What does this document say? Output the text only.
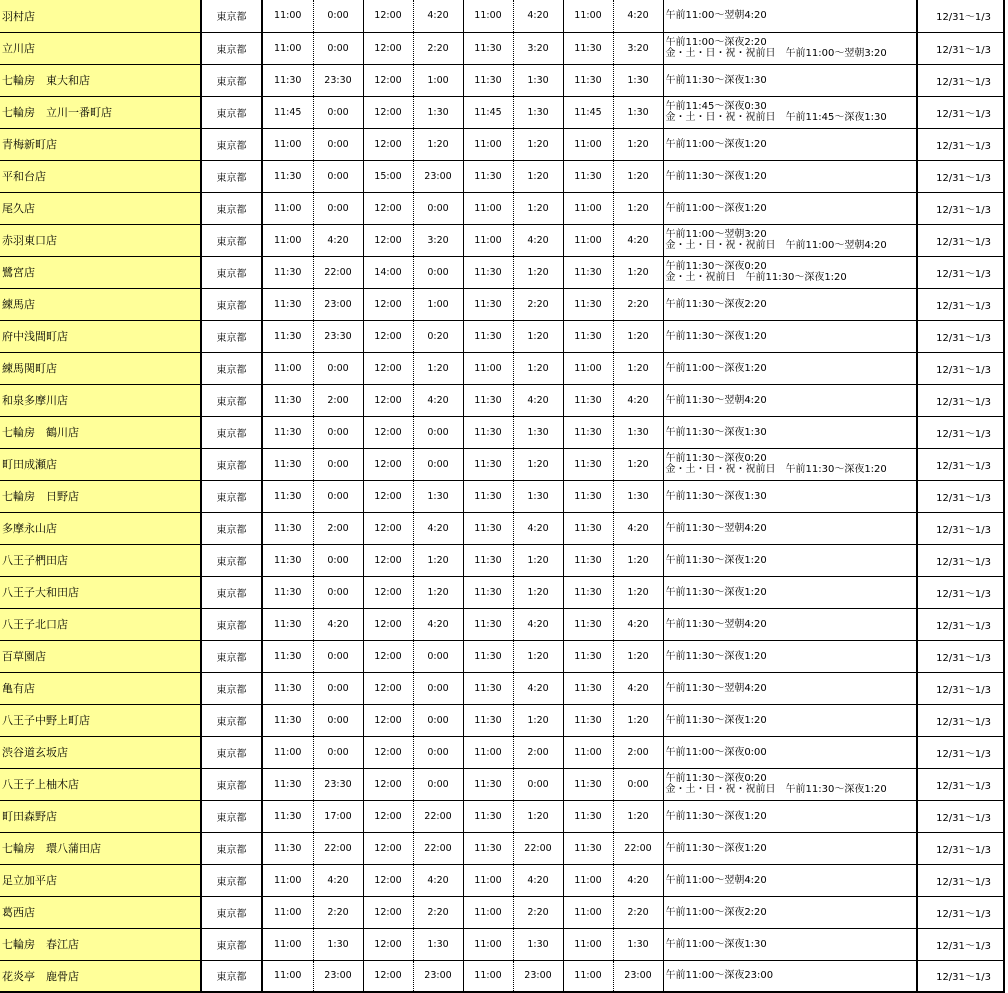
羽村店	東京都	11:00	0:00	12:00	4:20	11:00	4:20	11:00	4:20	午前11:00～翌朝4:20	12/31～1/3
立川店	東京都	11:00	0:00	12:00	2:20	11:30	3:20	11:30	3:20	午前11:00～深夜2:20
金・土・日・祝・祝前日　午前11:00～翌朝3:20	12/31～1/3
七輪房　東大和店	東京都	11:30	23:30	12:00	1:00	11:30	1:30	11:30	1:30	午前11:30～深夜1:30	12/31～1/3
七輪房　立川一番町店	東京都	11:45	0:00	12:00	1:30	11:45	1:30	11:45	1:30	午前11:45～深夜0:30
金・土・日・祝・祝前日　午前11:45～深夜1:30	12/31～1/3
青梅新町店	東京都	11:00	0:00	12:00	1:20	11:00	1:20	11:00	1:20	午前11:00～深夜1:20	12/31～1/3
平和台店	東京都	11:30	0:00	15:00	23:00	11:30	1:20	11:30	1:20	午前11:30～深夜1:20	12/31～1/3
尾久店	東京都	11:00	0:00	12:00	0:00	11:00	1:20	11:00	1:20	午前11:00～深夜1:20	12/31～1/3
赤羽東口店	東京都	11:00	4:20	12:00	3:20	11:00	4:20	11:00	4:20	午前11:00～翌朝3:20
金・土・日・祝・祝前日　午前11:00～翌朝4:20	12/31～1/3
鷺宮店	東京都	11:30	22:00	14:00	0:00	11:30	1:20	11:30	1:20	午前11:30～深夜0:20
金・土・祝前日　午前11:30～深夜1:20	12/31～1/3
練馬店	東京都	11:30	23:00	12:00	1:00	11:30	2:20	11:30	2:20	午前11:30～深夜2:20	12/31～1/3
府中浅間町店	東京都	11:30	23:30	12:00	0:20	11:30	1:20	11:30	1:20	午前11:30～深夜1:20	12/31～1/3
練馬関町店	東京都	11:00	0:00	12:00	1:20	11:00	1:20	11:00	1:20	午前11:00～深夜1:20	12/31～1/3
和泉多摩川店	東京都	11:30	2:00	12:00	4:20	11:30	4:20	11:30	4:20	午前11:30～翌朝4:20	12/31～1/3
七輪房　鶴川店	東京都	11:30	0:00	12:00	0:00	11:30	1:30	11:30	1:30	午前11:30～深夜1:30	12/31～1/3
町田成瀬店	東京都	11:30	0:00	12:00	0:00	11:30	1:20	11:30	1:20	午前11:30～深夜0:20
金・土・日・祝・祝前日　午前11:30～深夜1:20	12/31～1/3
七輪房　日野店	東京都	11:30	0:00	12:00	1:30	11:30	1:30	11:30	1:30	午前11:30～深夜1:30	12/31～1/3
多摩永山店	東京都	11:30	2:00	12:00	4:20	11:30	4:20	11:30	4:20	午前11:30～翌朝4:20	12/31～1/3
八王子椚田店	東京都	11:30	0:00	12:00	1:20	11:30	1:20	11:30	1:20	午前11:30～深夜1:20	12/31～1/3
八王子大和田店	東京都	11:30	0:00	12:00	1:20	11:30	1:20	11:30	1:20	午前11:30～深夜1:20	12/31～1/3
八王子北口店	東京都	11:30	4:20	12:00	4:20	11:30	4:20	11:30	4:20	午前11:30～翌朝4:20	12/31～1/3
百草園店	東京都	11:30	0:00	12:00	0:00	11:30	1:20	11:30	1:20	午前11:30～深夜1:20	12/31～1/3
亀有店	東京都	11:30	0:00	12:00	0:00	11:30	4:20	11:30	4:20	午前11:30～翌朝4:20	12/31～1/3
八王子中野上町店	東京都	11:30	0:00	12:00	0:00	11:30	1:20	11:30	1:20	午前11:30～深夜1:20	12/31～1/3
渋谷道玄坂店	東京都	11:00	0:00	12:00	0:00	11:00	2:00	11:00	2:00	午前11:00～深夜0:00	12/31～1/3
八王子上柚木店	東京都	11:30	23:30	12:00	0:00	11:30	0:00	11:30	0:00	午前11:30～深夜0:20
金・土・日・祝・祝前日　午前11:30～深夜1:20	12/31～1/3
町田森野店	東京都	11:30	17:00	12:00	22:00	11:30	1:20	11:30	1:20	午前11:30～深夜1:20	12/31～1/3
七輪房　環八蒲田店	東京都	11:30	22:00	12:00	22:00	11:30	22:00	11:30	22:00	午前11:30～深夜1:20	12/31～1/3
足立加平店	東京都	11:00	4:20	12:00	4:20	11:00	4:20	11:00	4:20	午前11:00～翌朝4:20	12/31～1/3
葛西店	東京都	11:00	2:20	12:00	2:20	11:00	2:20	11:00	2:20	午前11:00～深夜2:20	12/31～1/3
七輪房　春江店	東京都	11:00	1:30	12:00	1:30	11:00	1:30	11:00	1:30	午前11:00～深夜1:30	12/31～1/3
花炎亭　鹿骨店	東京都	11:00	23:00	12:00	23:00	11:00	23:00	11:00	23:00	午前11:00～深夜23:00	12/31～1/3
